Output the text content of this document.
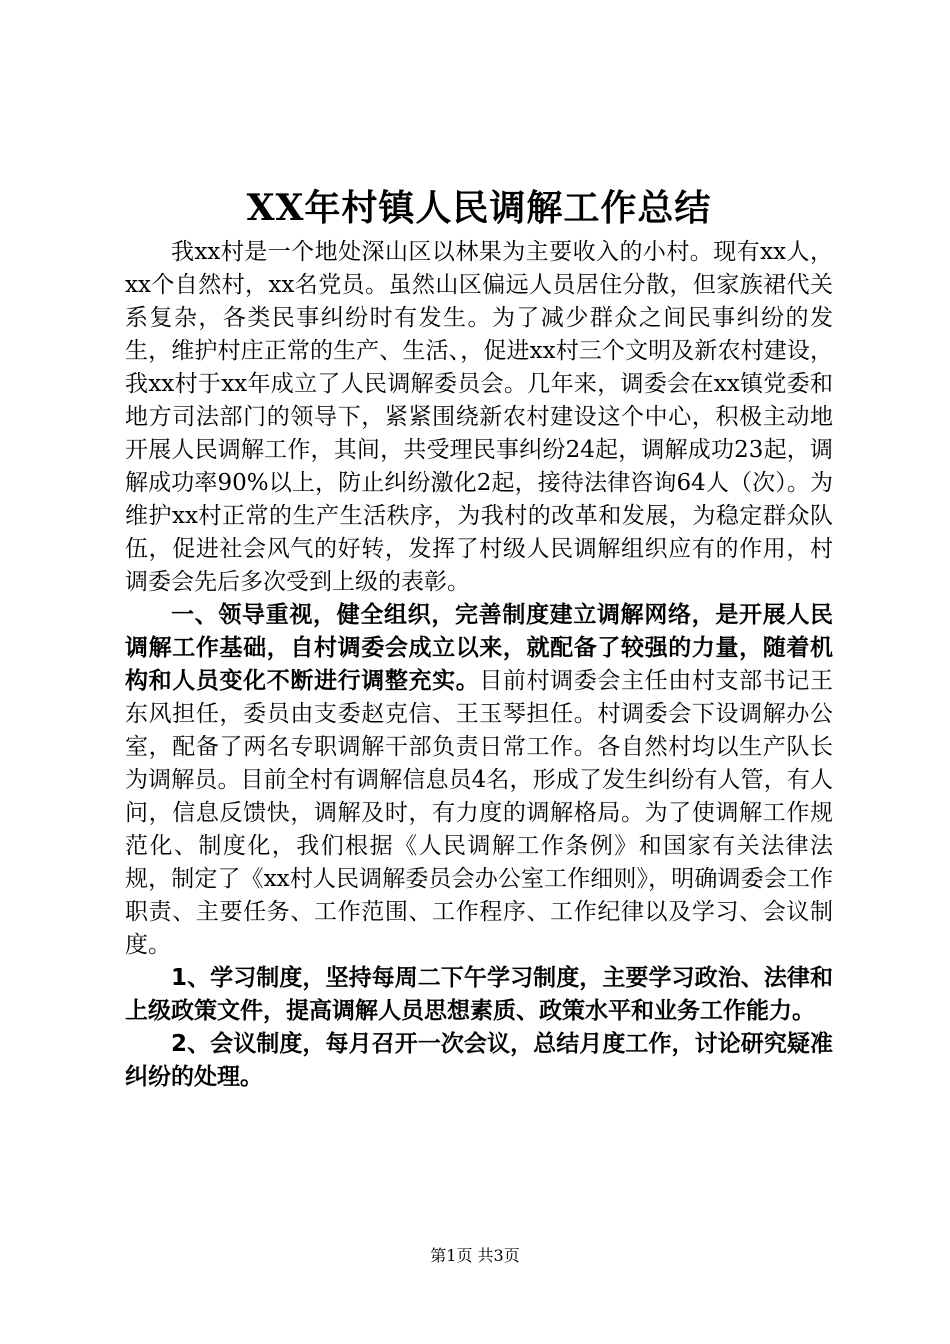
XX年村镇人民调解工作总结

我xx村是一个地处深山区以林果为主要收入的小村。现有xx人，xx个自然村，xx名党员。虽然山区偏远人员居住分散，但家族裙代关系复杂，各类民事纠纷时有发生。为了减少群众之间民事纠纷的发生，维护村庄正常的生产、生活、，促进xx村三个文明及新农村建设，我xx村于xx年成立了人民调解委员会。几年来，调委会在xx镇党委和地方司法部门的领导下，紧紧围绕新农村建设这个中心，积极主动地开展人民调解工作，其间，共受理民事纠纷24起，调解成功23起，调解成功率90%以上，防止纠纷激化2起，接待法律咨询64人（次）。为维护xx村正常的生产生活秩序，为我村的改革和发展，为稳定群众队伍，促进社会风气的好转，发挥了村级人民调解组织应有的作用，村调委会先后多次受到上级的表彰。

一、领导重视，健全组织，完善制度建立调解网络，是开展人民调解工作基础，自村调委会成立以来，就配备了较强的力量，随着机构和人员变化不断进行调整充实。目前村调委会主任由村支部书记王东风担任，委员由支委赵克信、王玉琴担任。村调委会下设调解办公室，配备了两名专职调解干部负责日常工作。各自然村均以生产队长为调解员。目前全村有调解信息员4名，形成了发生纠纷有人管，有人问，信息反馈快，调解及时，有力度的调解格局。为了使调解工作规范化、制度化，我们根据《人民调解工作条例》和国家有关法律法规，制定了《xx村人民调解委员会办公室工作细则》，明确调委会工作职责、主要任务、工作范围、工作程序、工作纪律以及学习、会议制度。

1、学习制度，坚持每周二下午学习制度，主要学习政治、法律和上级政策文件，提高调解人员思想素质、政策水平和业务工作能力。

2、会议制度，每月召开一次会议，总结月度工作，讨论研究疑准纠纷的处理。

第1页 共3页
